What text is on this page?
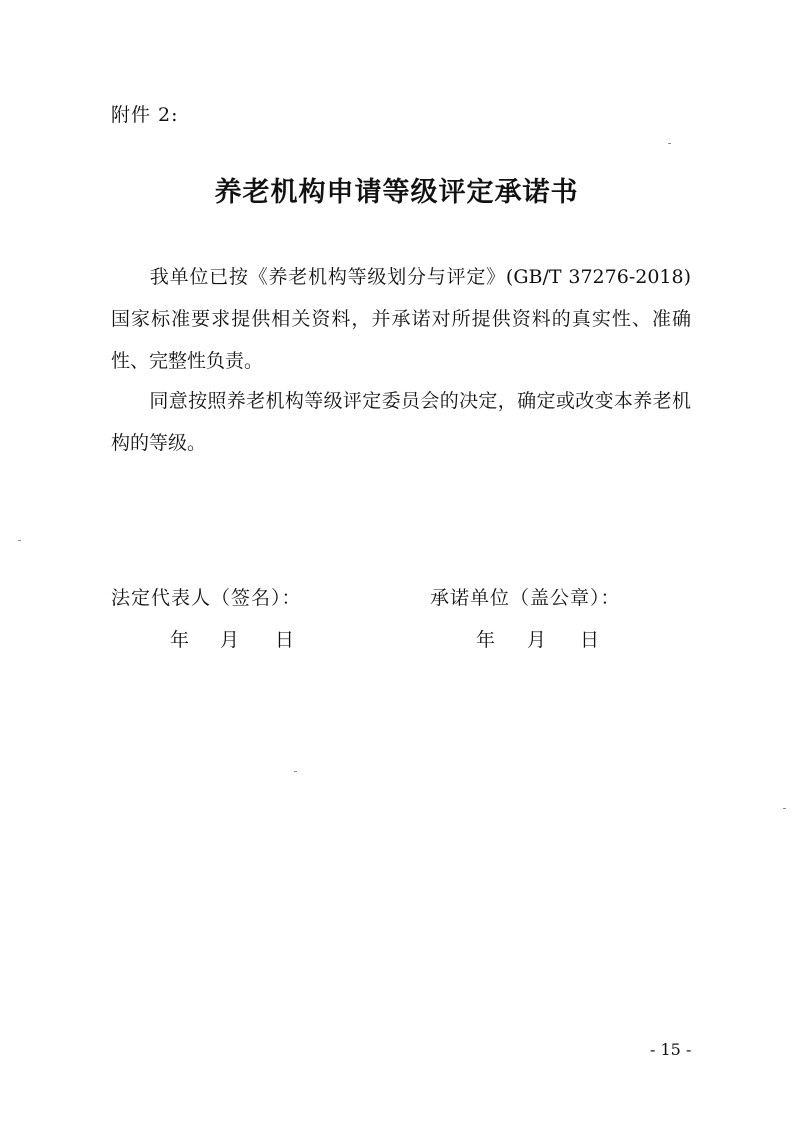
附件 2:
养老机构申请等级评定承诺书
我单位已按《养老机构等级划分与评定》(GB/T 37276-2018)国家标准要求提供相关资料，并承诺对所提供资料的真实性、准确性、完整性负责。
同意按照养老机构等级评定委员会的决定，确定或改变本养老机构的等级。
法定代表人（签名）：	承诺单位（盖公章）：
年 月 日	年 月 日
- 15 -
